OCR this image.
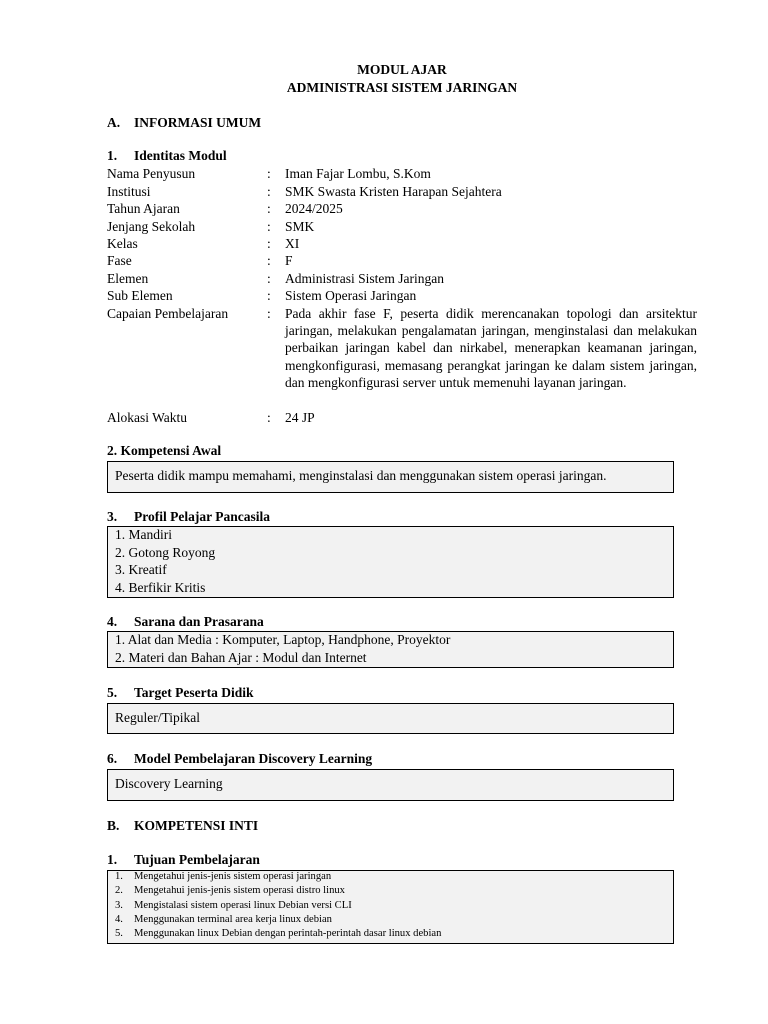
MODUL AJAR
ADMINISTRASI SISTEM JARINGAN
A. INFORMASI UMUM
1. Identitas Modul
Nama Penyusun	: Iman Fajar Lombu, S.Kom
Institusi	: SMK Swasta Kristen Harapan Sejahtera
Tahun Ajaran	: 2024/2025
Jenjang Sekolah	: SMK
Kelas	: XI
Fase	: F
Elemen	: Administrasi Sistem Jaringan
Sub Elemen	: Sistem Operasi Jaringan
Capaian Pembelajaran	: Pada akhir fase F, peserta didik merencanakan topologi dan arsitektur jaringan, melakukan pengalamatan jaringan, menginstalasi dan melakukan perbaikan jaringan kabel dan nirkabel, menerapkan keamanan jaringan, mengkonfigurasi, memasang perangkat jaringan ke dalam sistem jaringan, dan mengkonfigurasi server untuk memenuhi layanan jaringan.
Alokasi Waktu	: 24 JP
2. Kompetensi Awal
Peserta didik mampu memahami, menginstalasi dan menggunakan sistem operasi jaringan.
3. Profil Pelajar Pancasila
1. Mandiri
2. Gotong Royong
3. Kreatif
4. Berfikir Kritis
4. Sarana dan Prasarana
1. Alat dan Media : Komputer, Laptop, Handphone, Proyektor
2. Materi dan Bahan Ajar : Modul dan Internet
5. Target Peserta Didik
Reguler/Tipikal
6. Model Pembelajaran Discovery Learning
Discovery Learning
B. KOMPETENSI INTI
1. Tujuan Pembelajaran
1. Mengetahui jenis-jenis sistem operasi jaringan
2. Mengetahui jenis-jenis sistem operasi distro linux
3. Mengistalasi sistem operasi linux Debian versi CLI
4. Menggunakan terminal area kerja linux debian
5. Menggunakan linux Debian dengan perintah-perintah dasar linux debian
